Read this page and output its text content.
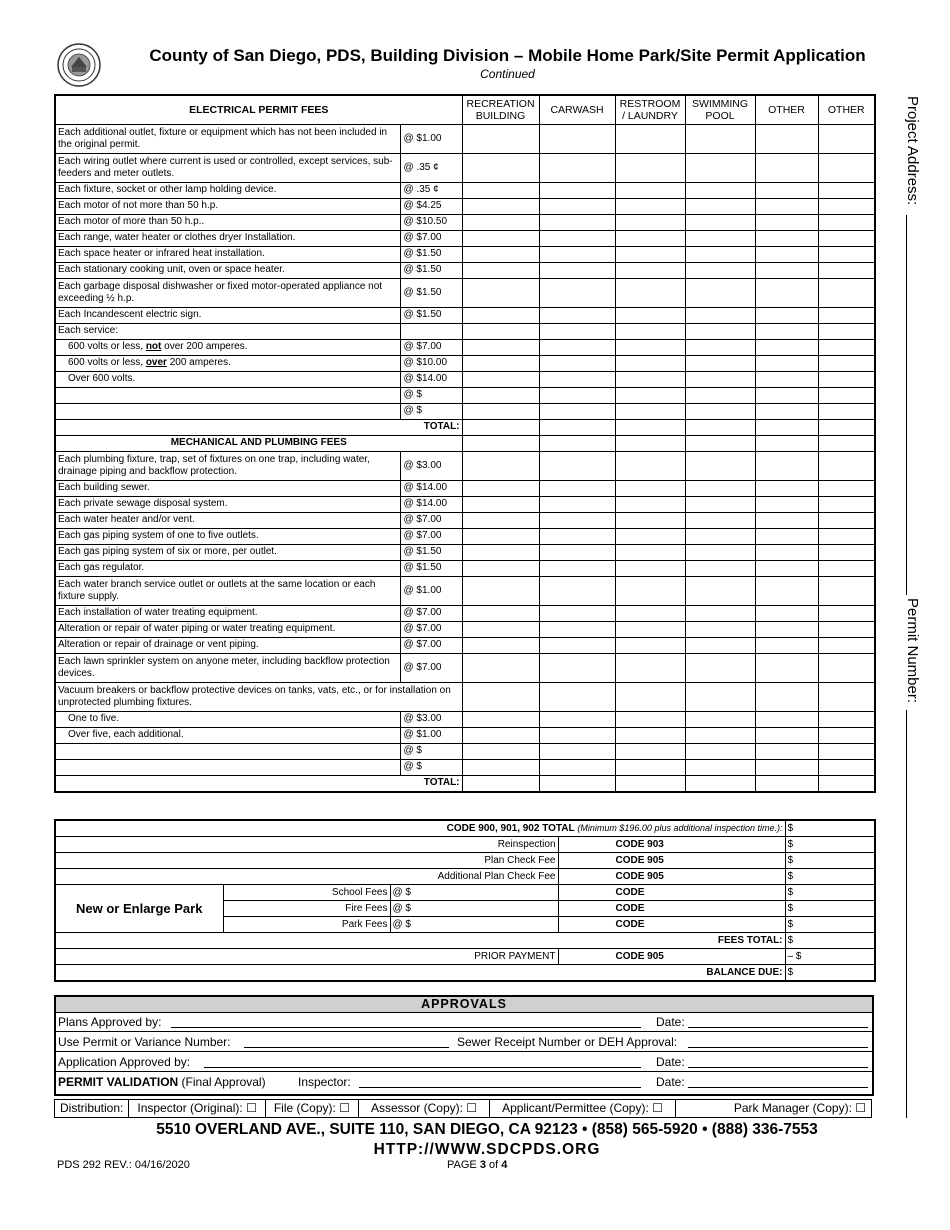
County of San Diego, PDS, Building Division – Mobile Home Park/Site Permit Application
Continued
Project Address:
Permit Number:
ELECTRICAL PERMIT FEES		RECREATION BUILDING	CARWASH	RESTROOM / LAUNDRY	SWIMMING POOL	OTHER	OTHER
Each additional outlet, fixture or equipment which has not been included in the original permit.	@ $1.00						
Each wiring outlet where current is used or controlled, except services, sub-feeders and meter outlets.	@ .35 ¢						
Each fixture, socket or other lamp holding device.	@ .35 ¢						
Each motor of not more than 50 h.p.	@ $4.25						
Each motor of more than 50 h.p..	@ $10.50						
Each range, water heater or clothes dryer Installation.	@ $7.00						
Each space heater or infrared heat installation.	@ $1.50						
Each stationary cooking unit, oven or space heater.	@ $1.50						
Each garbage disposal dishwasher or fixed motor-operated appliance not exceeding ½ h.p.	@ $1.50						
Each Incandescent electric sign.	@ $1.50						
Each service:							
600 volts or less, not over 200 amperes.	@ $7.00						
600 volts or less, over 200 amperes.	@ $10.00						
Over 600 volts.	@ $14.00						
	@ $						
	@ $						
TOTAL:							
MECHANICAL AND PLUMBING FEES							
Each plumbing fixture, trap, set of fixtures on one trap, including water, drainage piping and backflow protection.	@ $3.00						
Each building sewer.	@ $14.00						
Each private sewage disposal system.	@ $14.00						
Each water heater and/or vent.	@ $7.00						
Each gas piping system of one to five outlets.	@ $7.00						
Each gas piping system of six or more, per outlet.	@ $1.50						
Each gas regulator.	@ $1.50						
Each water branch service outlet or outlets at the same location or each fixture supply.	@ $1.00						
Each installation of water treating equipment.	@ $7.00						
Alteration or repair of water piping or water treating equipment.	@ $7.00						
Alteration or repair of drainage or vent piping.	@ $7.00						
Each lawn sprinkler system on anyone meter, including backflow protection devices.	@ $7.00						
Vacuum breakers or backflow protective devices on tanks, vats, etc., or for installation on unprotected plumbing fixtures.							
One to five.	@ $3.00						
Over five, each additional.	@ $1.00						
	@ $						
	@ $						
TOTAL:							
CODE 900, 901, 902 TOTAL (Minimum $196.00 plus additional inspection time.):				$
Reinspection			CODE 903	$
Plan Check Fee			CODE 905	$
Additional Plan Check Fee			CODE 905	$
New or Enlarge Park	School Fees	@ $	CODE	$
	Fire Fees	@ $	CODE	$
	Park Fees	@ $	CODE	$
FEES TOTAL:				$
PRIOR PAYMENT			CODE 905	– $
BALANCE DUE:				$
APPROVALS
Plans Approved by:	Date:
Use Permit or Variance Number:	Sewer Receipt Number or DEH Approval:
Application Approved by:	Date:
PERMIT VALIDATION (Final Approval)	Inspector:	Date:
Distribution:	Inspector (Original): ☐	File (Copy): ☐	Assessor (Copy): ☐	Applicant/Permittee (Copy): ☐	Park Manager (Copy): ☐
5510 OVERLAND AVE., SUITE 110, SAN DIEGO, CA 92123 • (858) 565-5920 • (888) 336-7553
HTTP://WWW.SDCPDS.ORG
PDS 292 REV.: 04/16/2020	PAGE 3 of 4
